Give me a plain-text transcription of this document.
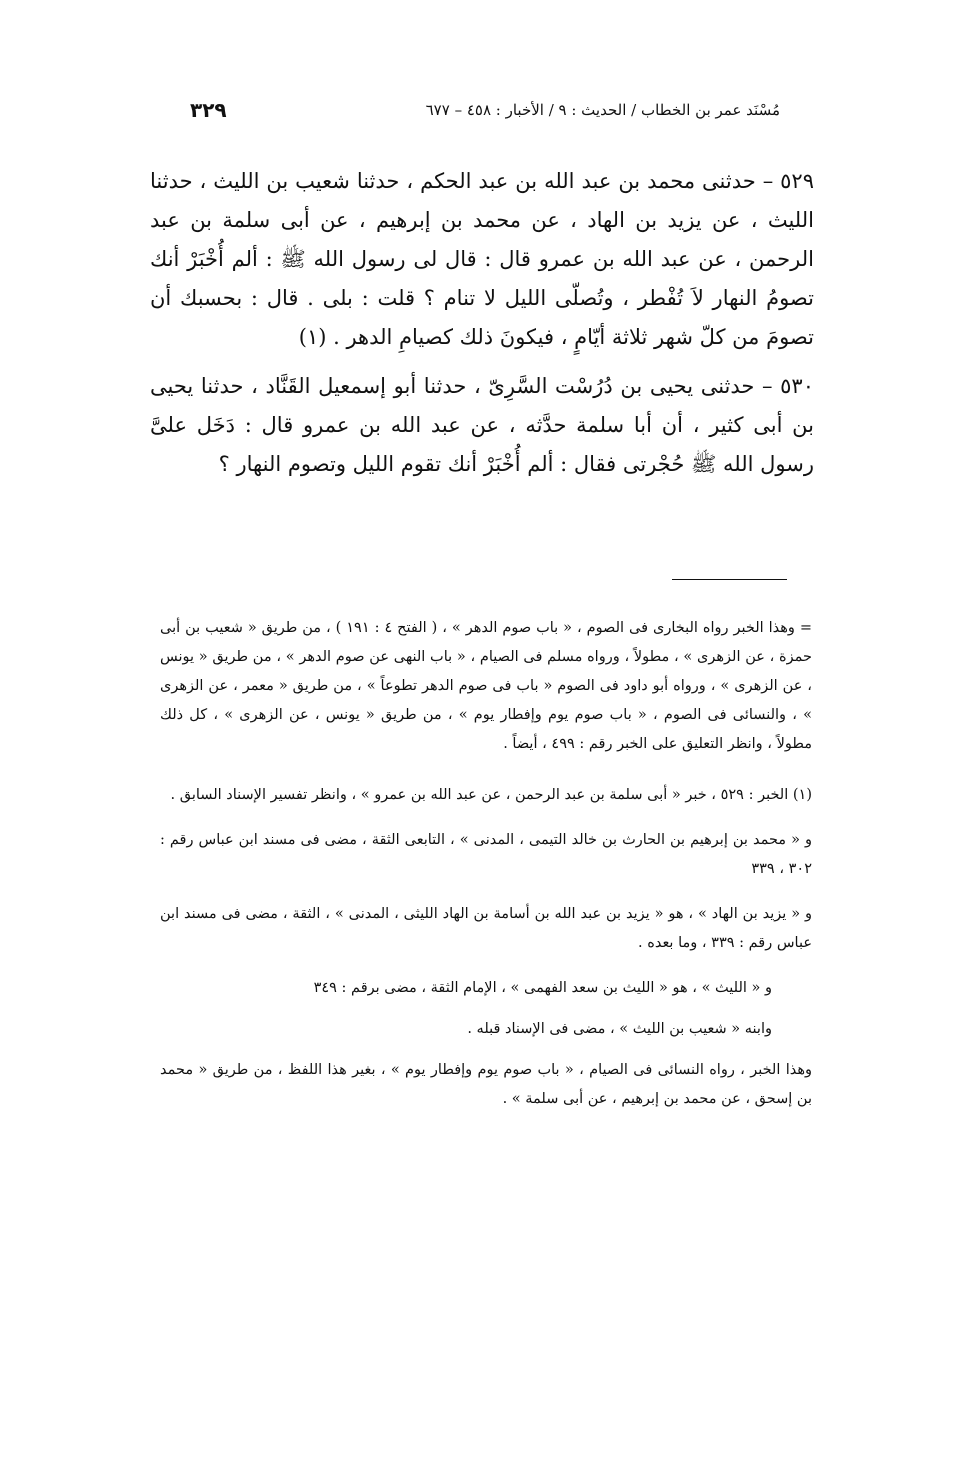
مُسْنَد عمر بن الخطاب / الحديث : ٩ / الأخبار : ٤٥٨ – ٦٧٧
٣٢٩

٥٢٩ – حدثنى محمد بن عبد الله بن عبد الحكم ، حدثنا شعيب بن الليث ، حدثنا الليث ، عن يزيد بن الهاد ، عن محمد بن إبرهيم ، عن أبى سلمة بن عبد الرحمن ، عن عبد الله بن عمرو قال : قال لى رسول الله ﷺ : ألم أُخْبَرْ أنك تصومُ النهار لاَ تُفْطر ، وتُصلّى الليل لا تنام ؟ قلت : بلى . قال : بحسبك أن تصومَ من كلّ شهر ثلاثة أيّامٍ ، فيكونَ ذلك كصيامِ الدهر . (١)

٥٣٠ – حدثنى يحيى بن دُرُسْت السَّرِىّ ، حدثنا أبو إسمعيل القَنَّاد ، حدثنا يحيى بن أبى كثير ، أن أبا سلمة حدَّثه ، عن عبد الله بن عمرو قال : دَخَل علىَّ رسول الله ﷺ حُجْرتى فقال : ألم أُخْبَرْ أنك تقوم الليل وتصوم النهار ؟

= وهذا الخبر رواه البخارى فى الصوم ، « باب صوم الدهر » ، ( الفتح ٤ : ١٩١ ) ، من طريق « شعيب بن أبى حمزة ، عن الزهرى » ، مطولاً ، ورواه مسلم فى الصيام ، « باب النهى عن صوم الدهر » ، من طريق « يونس ، عن الزهرى » ، ورواه أبو داود فى الصوم « باب فى صوم الدهر تطوعاً » ، من طريق « معمر ، عن الزهرى » ، والنسائى فى الصوم ، « باب صوم يوم وإفطار يوم » ، من طريق « يونس ، عن الزهرى » ، كل ذلك مطولاً ، وانظر التعليق على الخبر رقم : ٤٩٩ ، أيضاً .

(١) الخبر : ٥٢٩ ، خبر « أبى سلمة بن عبد الرحمن ، عن عبد الله بن عمرو » ، وانظر تفسير الإسناد السابق .

و « محمد بن إبرهيم بن الحارث بن خالد التيمى ، المدنى » ، التابعى الثقة ، مضى فى مسند ابن عباس رقم : ٣٠٢ ، ٣٣٩

و « يزيد بن الهاد » ، هو « يزيد بن عبد الله بن أسامة بن الهاد الليثى ، المدنى » ، الثقة ، مضى فى مسند ابن عباس رقم : ٣٣٩ ، وما بعده .

و « الليث » ، هو « الليث بن سعد الفهمى » ، الإمام الثقة ، مضى برقم : ٣٤٩

وابنه « شعيب بن الليث » ، مضى فى الإسناد قبله .

وهذا الخبر ، رواه النسائى فى الصيام ، « باب صوم يوم وإفطار يوم » ، بغير هذا اللفظ ، من طريق « محمد بن إسحق ، عن محمد بن إبرهيم ، عن أبى سلمة » .
